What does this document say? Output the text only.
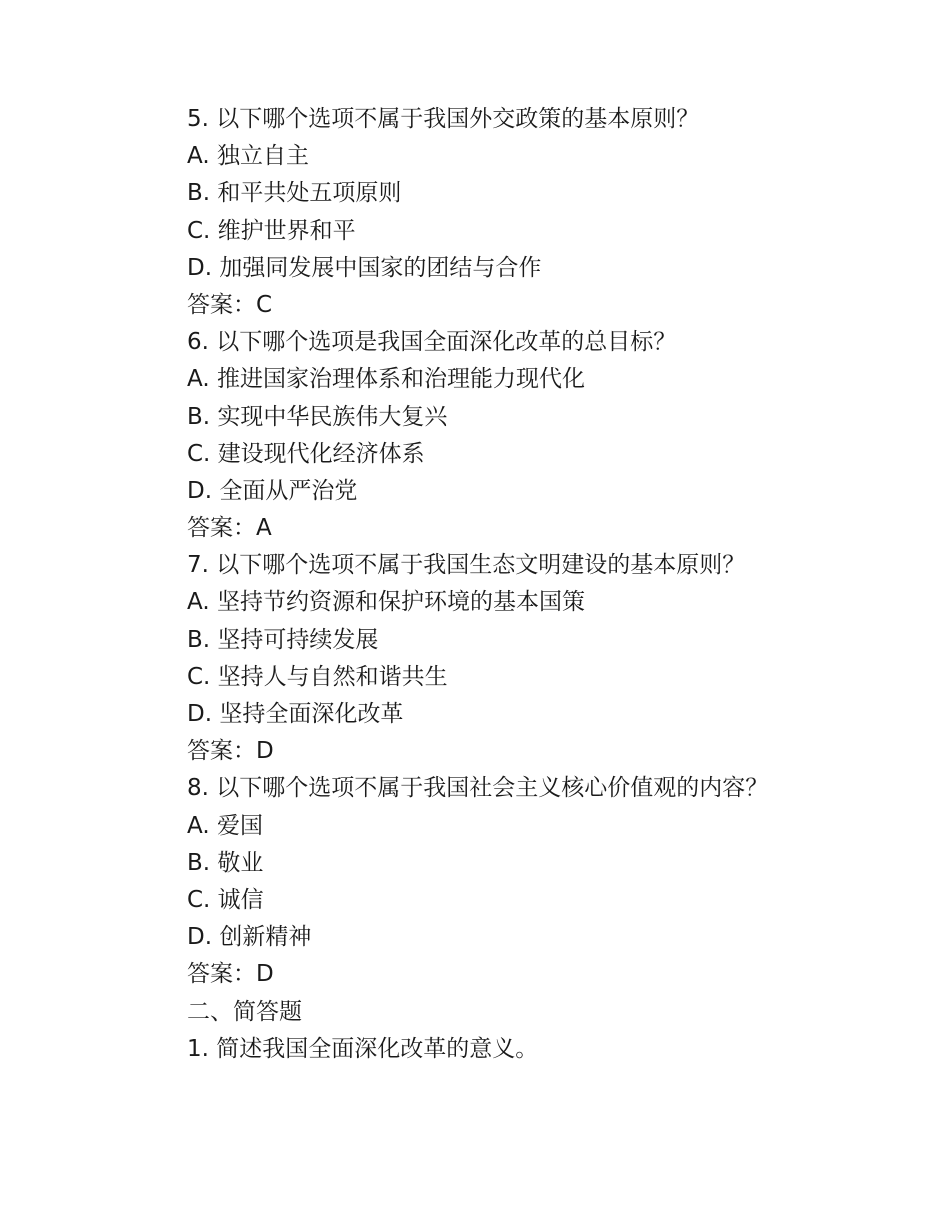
5. 以下哪个选项不属于我国外交政策的基本原则？
A. 独立自主
B. 和平共处五项原则
C. 维护世界和平
D. 加强同发展中国家的团结与合作
答案：C
6. 以下哪个选项是我国全面深化改革的总目标？
A. 推进国家治理体系和治理能力现代化
B. 实现中华民族伟大复兴
C. 建设现代化经济体系
D. 全面从严治党
答案：A
7. 以下哪个选项不属于我国生态文明建设的基本原则？
A. 坚持节约资源和保护环境的基本国策
B. 坚持可持续发展
C. 坚持人与自然和谐共生
D. 坚持全面深化改革
答案：D
8. 以下哪个选项不属于我国社会主义核心价值观的内容？
A. 爱国
B. 敬业
C. 诚信
D. 创新精神
答案：D
二、简答题
1. 简述我国全面深化改革的意义。
